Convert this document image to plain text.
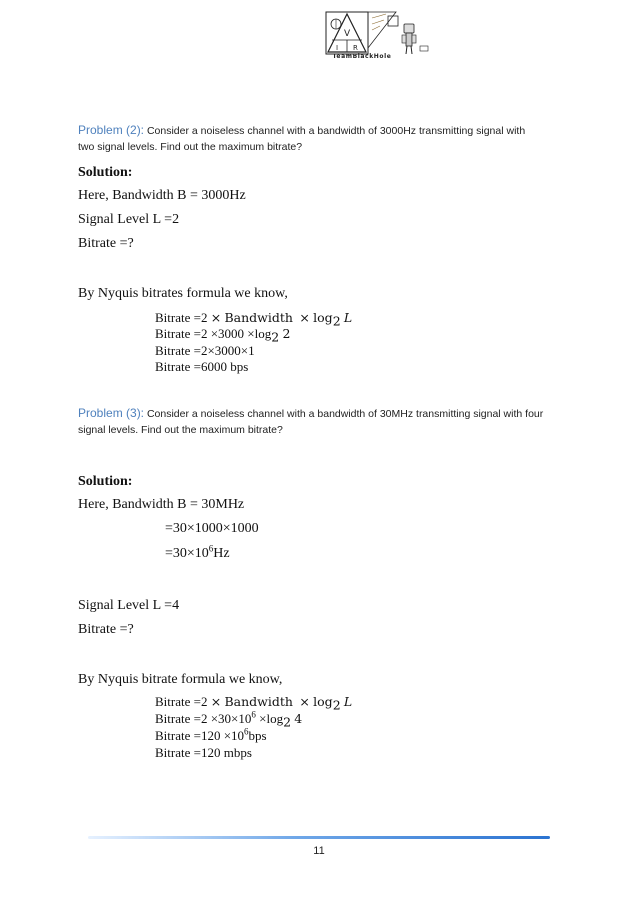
V
I R
TeamBlackHole
Problem (2): Consider a noiseless channel with a bandwidth of 3000Hz transmitting signal with
two signal levels. Find out the maximum bitrate?
Solution:
Here, Bandwidth B = 3000Hz
Signal Level L =2
Bitrate =?
By Nyquis bitrates formula we know,
Bitrate =2 × Bandwidth × $\log_2 L$
Bitrate $=2 \times 3000 \times\log_2$ 2
Bitrate =2×3000×1
Bitrate =6000 bps
Problem (3): Consider a noiseless channel with a bandwidth of 30MHz transmitting signal with four
signal levels. Find out the maximum bitrate?
Solution:
Here, Bandwidth B = 30MHz
=30×1000×1000
$=30\times 10^6Hz$
Signal Level L =4
Bitrate =?
By Nyquis bitrate formula we know,
Bitrate =2 × Bandwidth × $\log_2 L$
Bitrate $=2 \times 30\times 10^6 \times\log_2$ 4
Bitrate $=120 \times 10^6bps$
Bitrate =120 mbps
11
